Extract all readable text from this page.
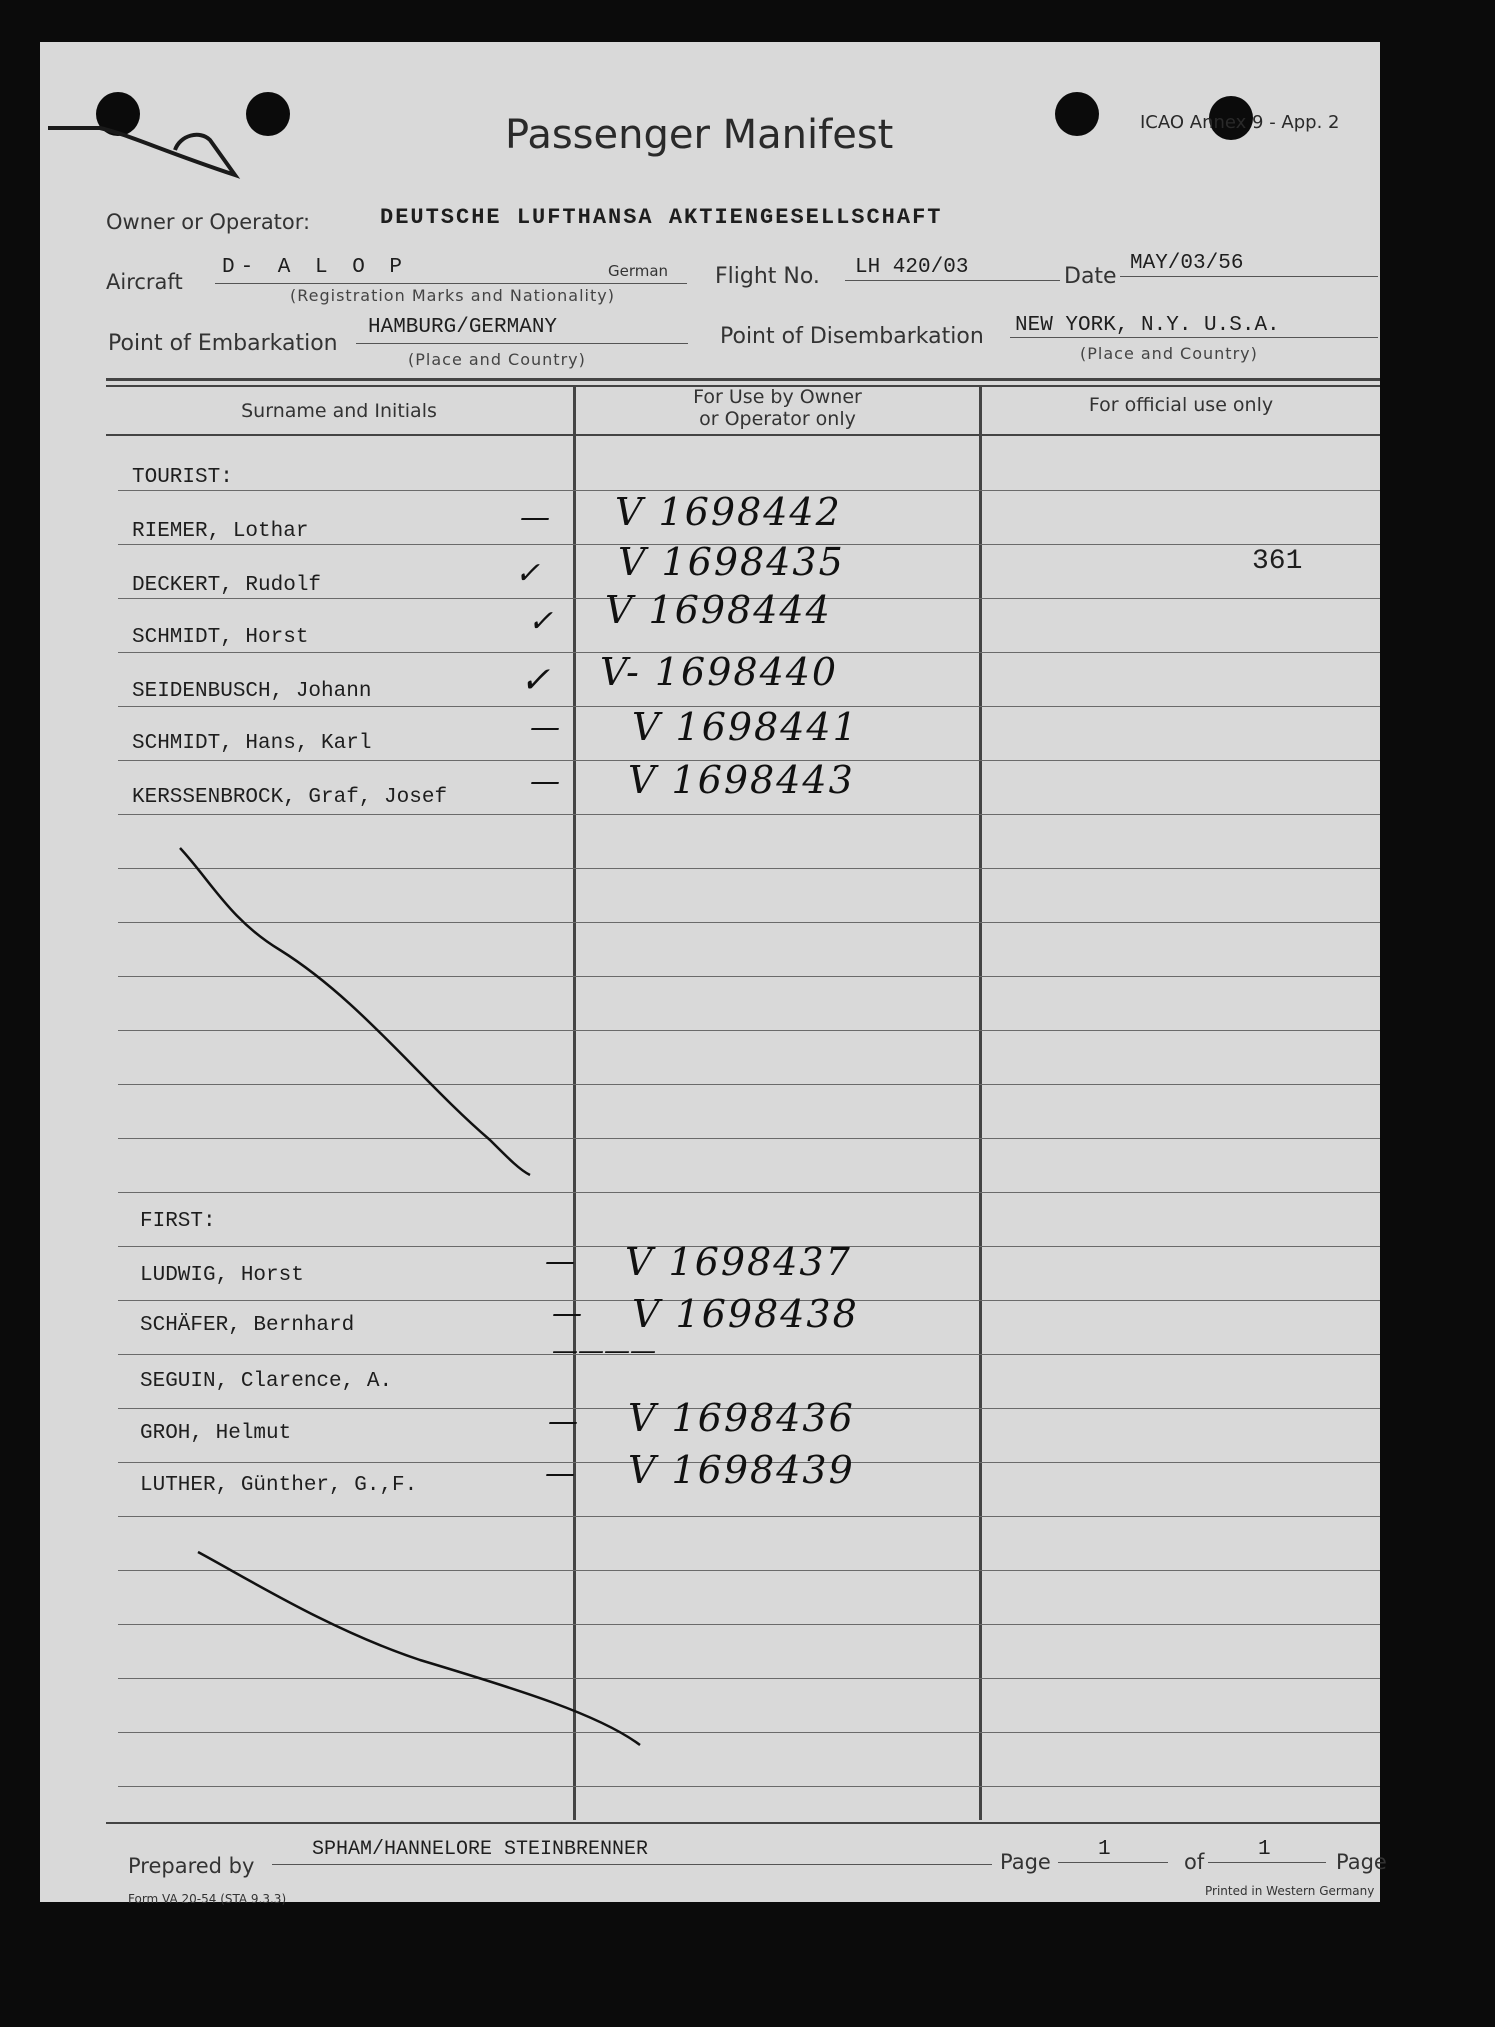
Passenger Manifest	ICAO Annex 9 - App. 2
Owner or Operator:	DEUTSCHE LUFTHANSA AKTIENGESELLSCHAFT
Aircraft
D- A L O P	German
(Registration Marks and Nationality)
Flight No. LH 420/03	Date
MAY/03/56
Point of Embarkation
HAMBURG/GERMANY
(Place and Country)
Point of Disembarkation NEW YORK, N.Y. U.S.A.
(Place and Country)
Surname and Initials
For Use by Owner
or Operator only
For official use only
TOURIST:
RIEMER, Lothar	— V 1698442
DECKERT, Rudolf	✓ V 1698435	361
SCHMIDT, Horst	✓ V 1698444
SEIDENBUSCH, Johann	✓ V- 1698440
SCHMIDT, Hans, Karl	— V 1698441
KERSSENBROCK, Graf, Josef	— V 1698443
FIRST:
LUDWIG, Horst	— V 1698437
SCHÄFER, Bernhard	— V 1698438
SEGUIN, Clarence, A.
————
GROH, Helmut	— V 1698436
LUTHER, Günther, G.,F.	— V 1698439
Prepared by
SPHAM/HANNELORE STEINBRENNER
Page
1
of
1
Page
Form VA 20-54 (STA 9.3.3)
Printed in Western Germany
